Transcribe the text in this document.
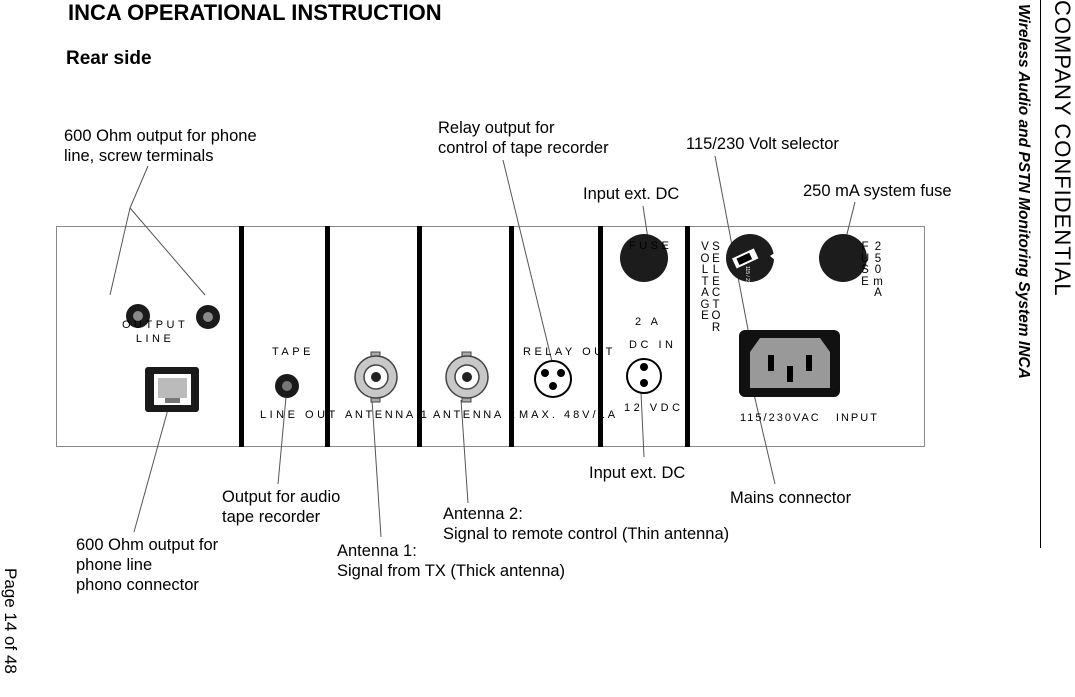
INCA OPERATIONAL INSTRUCTION
Rear side	COMPANY CONFIDENTIAL
Wireless Audio and PSTN Monitoring System INCA
Page 14 of 48
OUTPUT
LINE
TAPE
LINE OUT ANTENNA 1 ANTENNA 2
RELAY OUT
MAX. 48V/1A
FUSE
2 A
DC IN
12 VDC
VOLTAGE
SELECTOR
115 / 230
FUSE
250mA
115/230VAC   INPUT
600 Ohm output for phone
line, screw terminals
Relay output for
control of tape recorder	115/230 Volt selector
Input ext. DC	250 mA system fuse
Input ext. DC
Mains connector
Output for audio
tape recorder	Antenna 2:
Signal to remote control (Thin antenna)
600 Ohm output for
phone line
phono connector
Antenna 1:
Signal from TX (Thick antenna)
